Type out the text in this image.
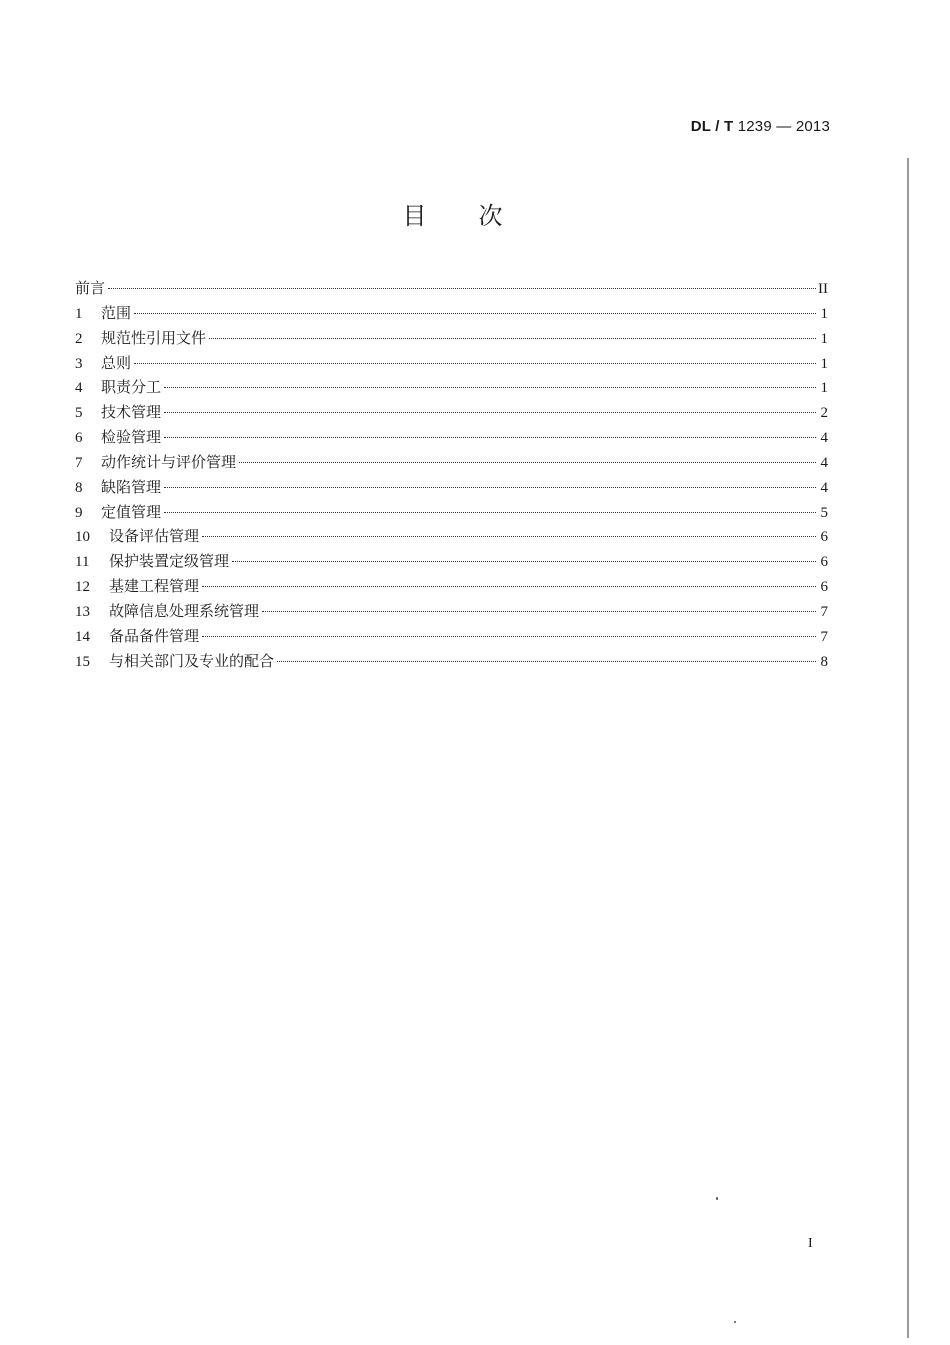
DL / T 1239 — 2013
目次
前言	II
1	范围	1
2	规范性引用文件	1
3	总则	1
4	职责分工	1
5	技术管理	2
6	检验管理	4
7	动作统计与评价管理	4
8	缺陷管理	4
9	定值管理	5
10	设备评估管理	6
11	保护装置定级管理	6
12	基建工程管理	6
13	故障信息处理系统管理	7
14	备品备件管理	7
15	与相关部门及专业的配合	8
I
